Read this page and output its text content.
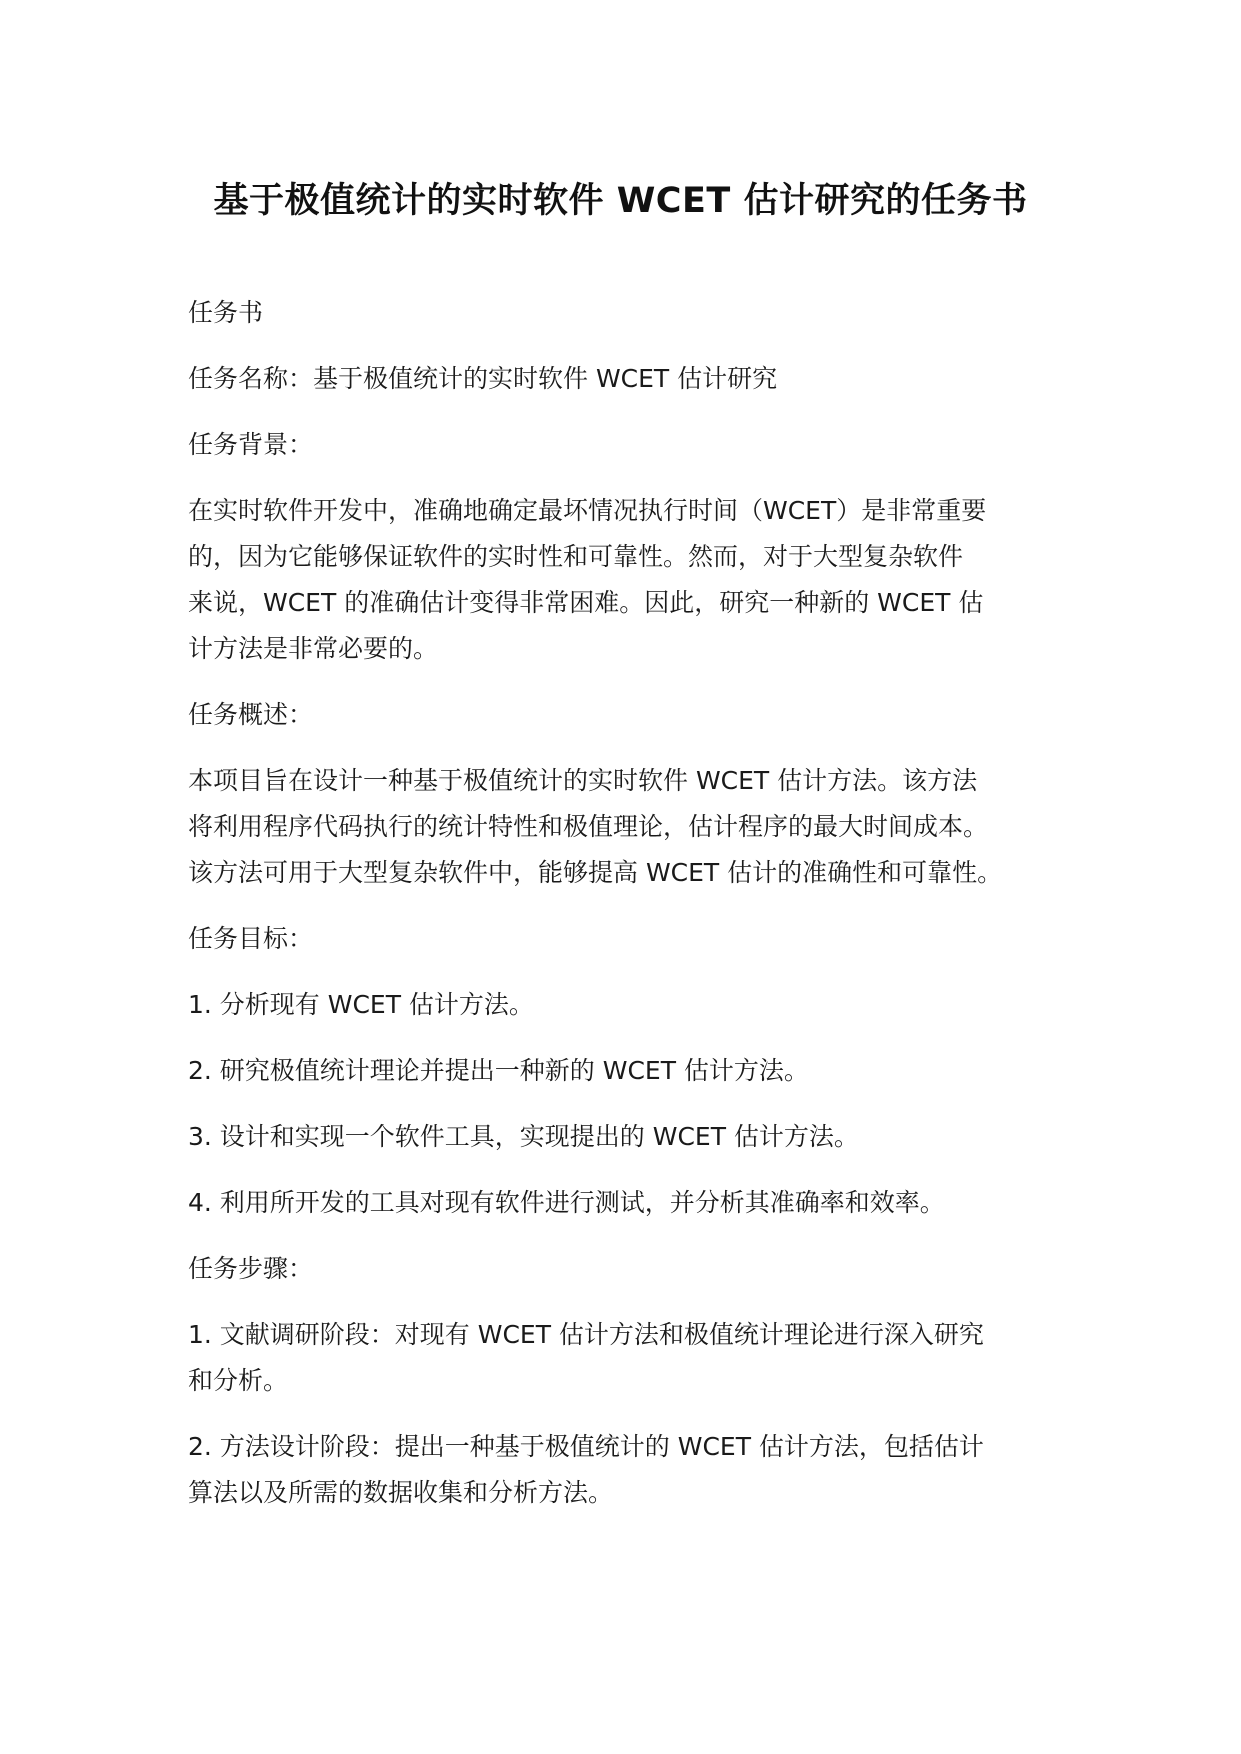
基于极值统计的实时软件 WCET 估计研究的任务书

任务书

任务名称：基于极值统计的实时软件 WCET 估计研究

任务背景：

在实时软件开发中，准确地确定最坏情况执行时间（WCET）是非常重要
的，因为它能够保证软件的实时性和可靠性。然而，对于大型复杂软件
来说，WCET 的准确估计变得非常困难。因此，研究一种新的 WCET 估
计方法是非常必要的。

任务概述：

本项目旨在设计一种基于极值统计的实时软件 WCET 估计方法。该方法
将利用程序代码执行的统计特性和极值理论，估计程序的最大时间成本。
该方法可用于大型复杂软件中，能够提高 WCET 估计的准确性和可靠性。

任务目标：

1. 分析现有 WCET 估计方法。

2. 研究极值统计理论并提出一种新的 WCET 估计方法。

3. 设计和实现一个软件工具，实现提出的 WCET 估计方法。

4. 利用所开发的工具对现有软件进行测试，并分析其准确率和效率。

任务步骤：

1. 文献调研阶段：对现有 WCET 估计方法和极值统计理论进行深入研究
和分析。

2. 方法设计阶段：提出一种基于极值统计的 WCET 估计方法，包括估计
算法以及所需的数据收集和分析方法。
